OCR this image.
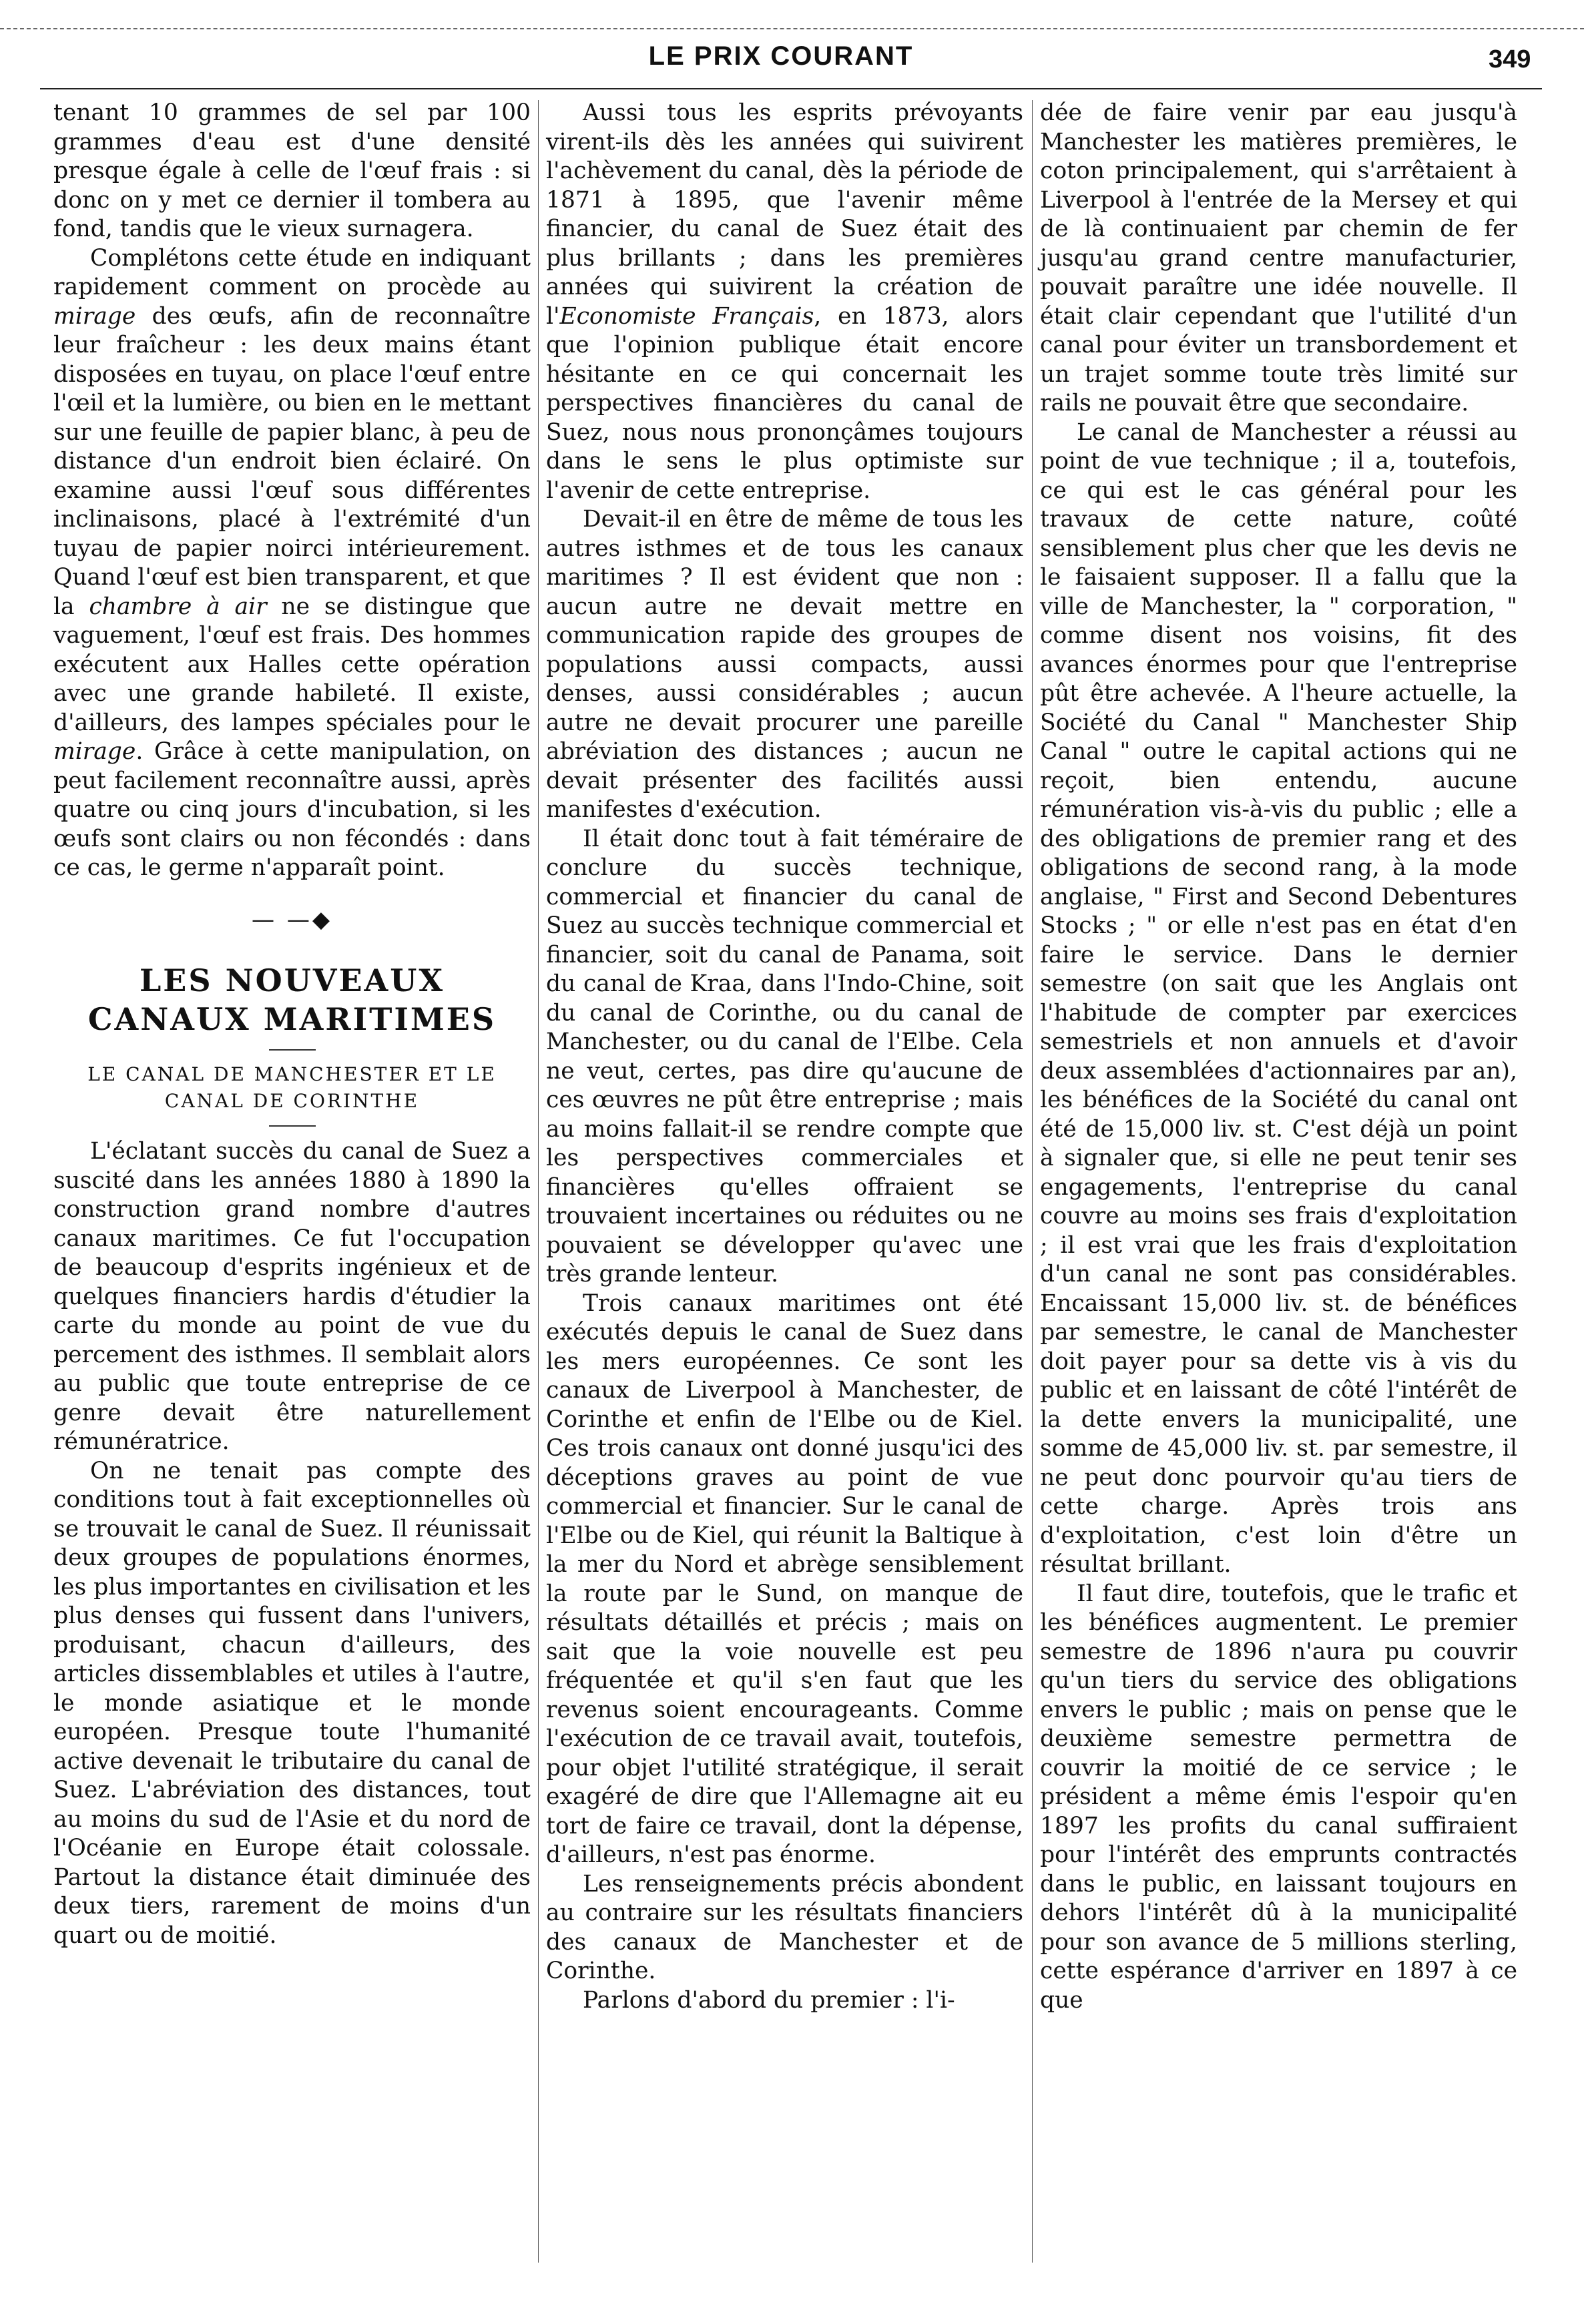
LE PRIX COURANT	349

tenant 10 grammes de sel par 100 grammes d'eau est d'une densité presque égale à celle de l'œuf frais : si donc on y met ce dernier il tombera au fond, tandis que le vieux surnagera.

Complétons cette étude en indiquant rapidement comment on procède au mirage des œufs, afin de reconnaître leur fraîcheur : les deux mains étant disposées en tuyau, on place l'œuf entre l'œil et la lumière, ou bien en le mettant sur une feuille de papier blanc, à peu de distance d'un endroit bien éclairé. On examine aussi l'œuf sous différentes inclinaisons, placé à l'extrémité d'un tuyau de papier noirci intérieurement. Quand l'œuf est bien transparent, et que la chambre à air ne se distingue que vaguement, l'œuf est frais. Des hommes exécutent aux Halles cette opération avec une grande habileté. Il existe, d'ailleurs, des lampes spéciales pour le mirage. Grâce à cette manipulation, on peut facilement reconnaître aussi, après quatre ou cinq jours d'incubation, si les œufs sont clairs ou non fécondés : dans ce cas, le germe n'apparaît point.

— —◆
LES NOUVEAUX CANAUX MARITIMES

LE CANAL DE MANCHESTER ET LE CANAL DE CORINTHE

L'éclatant succès du canal de Suez a suscité dans les années 1880 à 1890 la construction grand nombre d'autres canaux maritimes. Ce fut l'occupation de beaucoup d'esprits ingénieux et de quelques financiers hardis d'étudier la carte du monde au point de vue du percement des isthmes. Il semblait alors au public que toute entreprise de ce genre devait être naturellement rémunératrice.

On ne tenait pas compte des conditions tout à fait exceptionnelles où se trouvait le canal de Suez. Il réunissait deux groupes de populations énormes, les plus importantes en civilisation et les plus denses qui fussent dans l'univers, produisant, chacun d'ailleurs, des articles dissemblables et utiles à l'autre, le monde asiatique et le monde européen. Presque toute l'humanité active devenait le tributaire du canal de Suez. L'abréviation des distances, tout au moins du sud de l'Asie et du nord de l'Océanie en Europe était colossale. Partout la distance était diminuée des deux tiers, rarement de moins d'un quart ou de moitié.

Aussi tous les esprits prévoyants virent-ils dès les années qui suivirent l'achèvement du canal, dès la période de 1871 à 1895, que l'avenir même financier, du canal de Suez était des plus brillants ; dans les premières années qui suivirent la création de l'Economiste Français, en 1873, alors que l'opinion publique était encore hésitante en ce qui concernait les perspectives financières du canal de Suez, nous nous prononçâmes toujours dans le sens le plus optimiste sur l'avenir de cette entreprise.

Devait-il en être de même de tous les autres isthmes et de tous les canaux maritimes ? Il est évident que non : aucun autre ne devait mettre en communication rapide des groupes de populations aussi compacts, aussi denses, aussi considérables ; aucun autre ne devait procurer une pareille abréviation des distances ; aucun ne devait présenter des facilités aussi manifestes d'exécution.

Il était donc tout à fait téméraire de conclure du succès technique, commercial et financier du canal de Suez au succès technique commercial et financier, soit du canal de Panama, soit du canal de Kraa, dans l'Indo-Chine, soit du canal de Corinthe, ou du canal de Manchester, ou du canal de l'Elbe. Cela ne veut, certes, pas dire qu'aucune de ces œuvres ne pût être entreprise ; mais au moins fallait-il se rendre compte que les perspectives commerciales et financières qu'elles offraient se trouvaient incertaines ou réduites ou ne pouvaient se développer qu'avec une très grande lenteur.

Trois canaux maritimes ont été exécutés depuis le canal de Suez dans les mers européennes. Ce sont les canaux de Liverpool à Manchester, de Corinthe et enfin de l'Elbe ou de Kiel. Ces trois canaux ont donné jusqu'ici des déceptions graves au point de vue commercial et financier. Sur le canal de l'Elbe ou de Kiel, qui réunit la Baltique à la mer du Nord et abrège sensiblement la route par le Sund, on manque de résultats détaillés et précis ; mais on sait que la voie nouvelle est peu fréquentée et qu'il s'en faut que les revenus soient encourageants. Comme l'exécution de ce travail avait, toutefois, pour objet l'utilité stratégique, il serait exagéré de dire que l'Allemagne ait eu tort de faire ce travail, dont la dépense, d'ailleurs, n'est pas énorme.

Les renseignements précis abondent au contraire sur les résultats financiers des canaux de Manchester et de Corinthe.

Parlons d'abord du premier : l'i-

dée de faire venir par eau jusqu'à Manchester les matières premières, le coton principalement, qui s'arrêtaient à Liverpool à l'entrée de la Mersey et qui de là continuaient par chemin de fer jusqu'au grand centre manufacturier, pouvait paraître une idée nouvelle. Il était clair cependant que l'utilité d'un canal pour éviter un transbordement et un trajet somme toute très limité sur rails ne pouvait être que secondaire.

Le canal de Manchester a réussi au point de vue technique ; il a, toutefois, ce qui est le cas général pour les travaux de cette nature, coûté sensiblement plus cher que les devis ne le faisaient supposer. Il a fallu que la ville de Manchester, la " corporation, " comme disent nos voisins, fit des avances énormes pour que l'entreprise pût être achevée. A l'heure actuelle, la Société du Canal " Manchester Ship Canal " outre le capital actions qui ne reçoit, bien entendu, aucune rémunération vis-à-vis du public ; elle a des obligations de premier rang et des obligations de second rang, à la mode anglaise, " First and Second Debentures Stocks ; " or elle n'est pas en état d'en faire le service. Dans le dernier semestre (on sait que les Anglais ont l'habitude de compter par exercices semestriels et non annuels et d'avoir deux assemblées d'actionnaires par an), les bénéfices de la Société du canal ont été de 15,000 liv. st. C'est déjà un point à signaler que, si elle ne peut tenir ses engagements, l'entreprise du canal couvre au moins ses frais d'exploitation ; il est vrai que les frais d'exploitation d'un canal ne sont pas considérables. Encaissant 15,000 liv. st. de bénéfices par semestre, le canal de Manchester doit payer pour sa dette vis à vis du public et en laissant de côté l'intérêt de la dette envers la municipalité, une somme de 45,000 liv. st. par semestre, il ne peut donc pourvoir qu'au tiers de cette charge. Après trois ans d'exploitation, c'est loin d'être un résultat brillant.

Il faut dire, toutefois, que le trafic et les bénéfices augmentent. Le premier semestre de 1896 n'aura pu couvrir qu'un tiers du service des obligations envers le public ; mais on pense que le deuxième semestre permettra de couvrir la moitié de ce service ; le président a même émis l'espoir qu'en 1897 les profits du canal suffiraient pour l'intérêt des emprunts contractés dans le public, en laissant toujours en dehors l'intérêt dû à la municipalité pour son avance de 5 millions sterling, cette espérance d'arriver en 1897 à ce que
